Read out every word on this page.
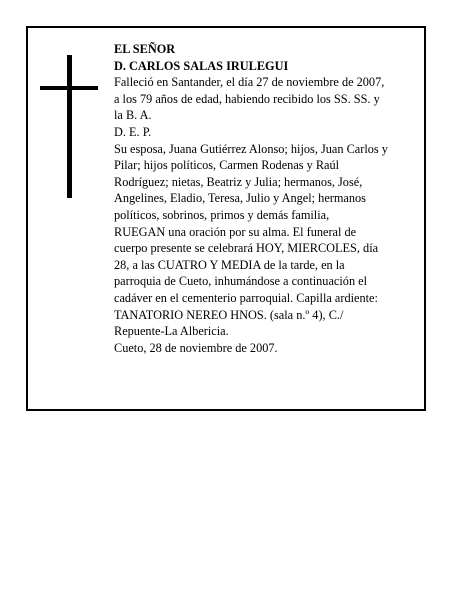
EL SEÑOR
D. CARLOS SALAS IRULEGUI
Falleció en Santander, el día 27 de noviembre de 2007,
a los 79 años de edad, habiendo recibido los SS. SS. y
la B. A.
D. E. P.
Su esposa, Juana Gutiérrez Alonso; hijos, Juan Carlos y
Pilar; hijos políticos, Carmen Rodenas y Raúl
Rodríguez; nietas, Beatriz y Julia; hermanos, José,
Angelines, Eladio, Teresa, Julio y Angel; hermanos
políticos, sobrinos, primos y demás familia,
RUEGAN una oración por su alma. El funeral de
cuerpo presente se celebrará HOY, MIERCOLES, día
28, a las CUATRO Y MEDIA de la tarde, en la
parroquia de Cueto, inhumándose a continuación el
cadáver en el cementerio parroquial. Capilla ardiente:
TANATORIO NEREO HNOS. (sala n.º 4), C./
Repuente-La Albericia.
Cueto, 28 de noviembre de 2007.
